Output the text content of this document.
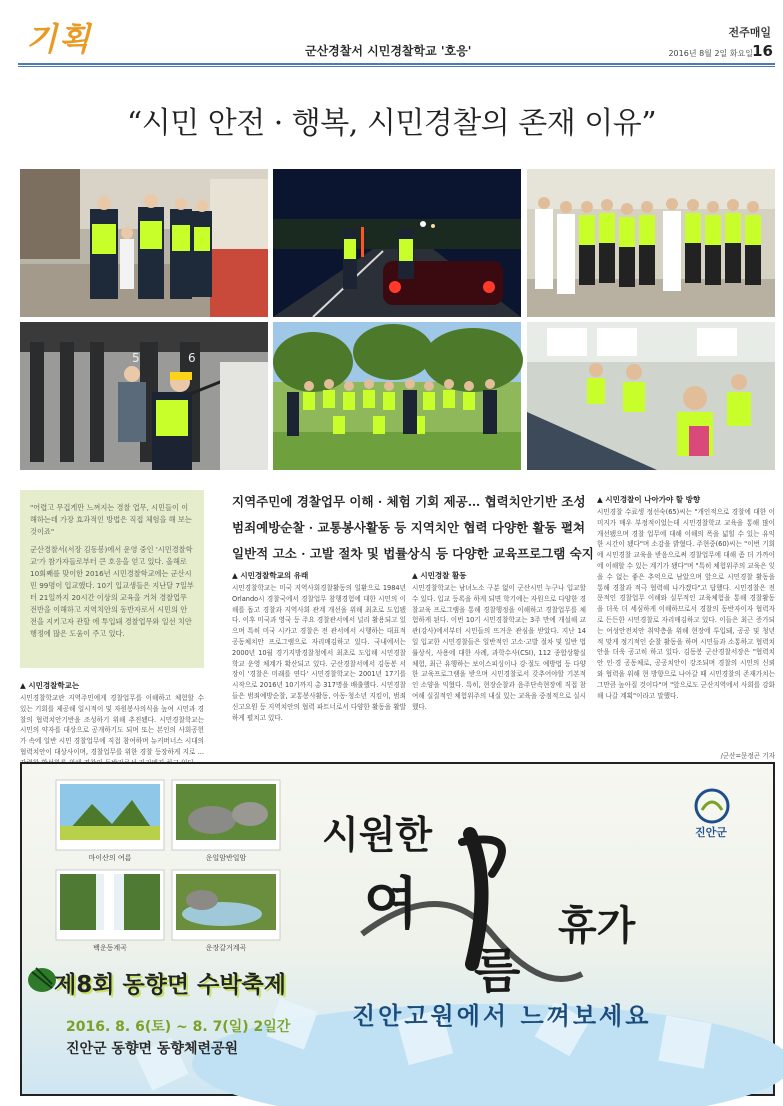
기획	군산경찰서 시민경찰학교 '호응'
전주매일
2016년 8월 2일 화요일 16
“시민 안전 · 행복, 시민경찰의 존재 이유”
5	6

"어렵고 무겁게만 느껴지는 경찰 업무, 시민들이 이해하는데 가장 효과적인 방법은 직접 체험을 해 보는 것이죠"

군산경찰서(서장 김동봉)에서 운영 중인 '시민경찰학교'가 참가자들로부터 큰 호응을 얻고 있다. 올해로 10회째를 맞이한 2016년 시민경찰학교에는 군산시민 99명이 입교했다. 10기 입교생들은 지난달 7일부터 21일까지 20시간 이상의 교육을 거쳐 경찰업무 전반을 이해하고 지역치안의 동반자로서 시민의 안전을 지키고자 관할 에 투입돼 경찰업무와 일선 치안행정에 많은 도움이 주고 있다.

지역주민에 경찰업무 이해 · 체험 기회 제공… 협력치안기반 조성
범죄예방순찰 · 교통봉사활동 등 지역치안 협력 다양한 활동 펼쳐
일반적 고소 · 고발 절차 및 법률상식 등 다양한 교육프로그램 숙지
▲ 시민경찰학교는
시민경찰학교란 지역주민에게 경찰업무를 이해하고 체험할 수 있는 기회를 제공해 일시적이 및 자원봉사의식을 높여 시민과 경찰의 협력치안기반을 조성하기 위해 추진됐다. 시민경찰학교는 시민의 약자를 대상으로 공개하기도 되며 또는 본인의 사회공헌가 속에 일반 시민 경찰업무에 직접 참여하며 뉴커버너스 시대의 협력치안이 대상사이며, 경찰업무를 위한 경찰 등장하게 지로 ...
▲ 시민경찰학교의 유래
시민경찰학교는 미국 지역사회경찰활동의 일환으로 1984년 Orlando시 경찰국에서 경찰업무 참행경험에 대한 시민의 이해를 돕고 경찰과 지역사회 관계 개선을 위해 최초로 도입됐다. 이후 미국과 영국 등 주요 경찰관서에서 널리 활용되고 있으며 특히 미국 시카고 경찰은 전 관서에서 시행하는 대표적 공동체치안 프로그램으로 자리매김하고 있다. 국내에서는 2000년 10월 경기지방경찰청에서 최초로 도입해 시민경찰학교 운영 체계가 확산되고 있다. 군산경찰서에서 김동봉 서장이 '경찰은 미래를 연다' 시민경찰학교는 2001년 17기를 시작으로 2016년 10기까지 총 317명을 배출했다. 시민경찰들은 범죄예방순찰, 교통봉사활동, 아동·청소년 지킴이, 범죄신고요원 등 지역치안의 협력 파트너로서 다양한 활동을 활발하게 펼치고 있다.
▲ 시민경찰 활동
시민경찰학교는 남녀노소 구분 없이 군산시민 누구나 입교할 수 있다. 입교 등록을 하게 되면 학기에는 자원으로 다양한 경찰교육 프로그램을 통해 경찰행정을 이해하고 경찰업무를 체험하게 된다. 이번 10기 시민경찰학교는 3주 만에 개설해 교관(강사)에서부터 시민들의 뜨거운 관심을 받았다. 지난 14일 입교한 시민경찰들은 일반적인 고소·고발 절차 및 일반 법률상식, 사용에 대한 사례, 과학수사(CSI), 112 종합상황실 체험, 최근 유행하는 보이스피싱이나 강·절도 예방법 등 다양한 교육프로그램을 받으며 시민경찰로서 갖추어야할 기본적인 소양을 익혔다. 특히, 현장순찰과 음주단속현장에 직접 참여해 실질적인 체험위주의 내실 있는 교육을 중점적으로 실시했다.
▲ 시민경찰이 나아가야 할 방향
시민경찰 수료생 정선숙(65)씨는 "개인적으로 경찰에 대한 이미지가 매우 부정적이었는데 시민경찰학교 교육을 통해 많이 개선됐으며 경찰 업무에 대해 이해의 폭을 넓힐 수 있는 유익한 시간이 됐다"며 소감을 밝혔다. 주현중(60)씨는 "이번 기회에 시민경찰 교육을 받음으로써 경찰업무에 대해 좀 더 가까이에 이해할 수 있는 계기가 됐다"며 "특히 체험위주의 교육은 잊을 수 없는 좋은 추억으로 남았으며 앞으로 시민경찰 활동을 통해 경찰과 적극 협력해 나가겠다"고 답했다. 시민경찰은 전문적인 경찰업무 이해와 실무적인 교육체험을 통해 경찰활동을 더욱 더 세심하게 이해하므로서 경찰의 동반자이자 협력자로 든든한 시민경찰로 자리매김하고 있다. 이들은 최근 증가되는 여성안전치안 취약층을 위해 현장에 투입돼, 공공 및 청년적 맞게 정기적인 순찰 활동을 하며 시민들과 소통하고 협력치안을 더욱 공고히 하고 있다. 김동봉 군산경찰서장은 "협력치안 인·경 공동체로, 공공치안이 강조되며 경찰의 시민의 신뢰와 협력을 위해 현 방향으로 나아갈 때 시민경찰의 존재가치는 그만큼 높아질 것이다"며 "앞으로도 군산지역에서 사회를 강화해 나갈 계획"이라고 말했다.
/군산=문정곤 기자
마이산의 여름	운일암반일암
백운동계곡	운장갈거계곡
진안군
시원한
여
름
휴가
진안고원에서 느껴보세요
제8회 동향면 수박축제
2016. 8. 6(토) ~ 8. 7(일) 2일간
진안군 동향면 동향체련공원
